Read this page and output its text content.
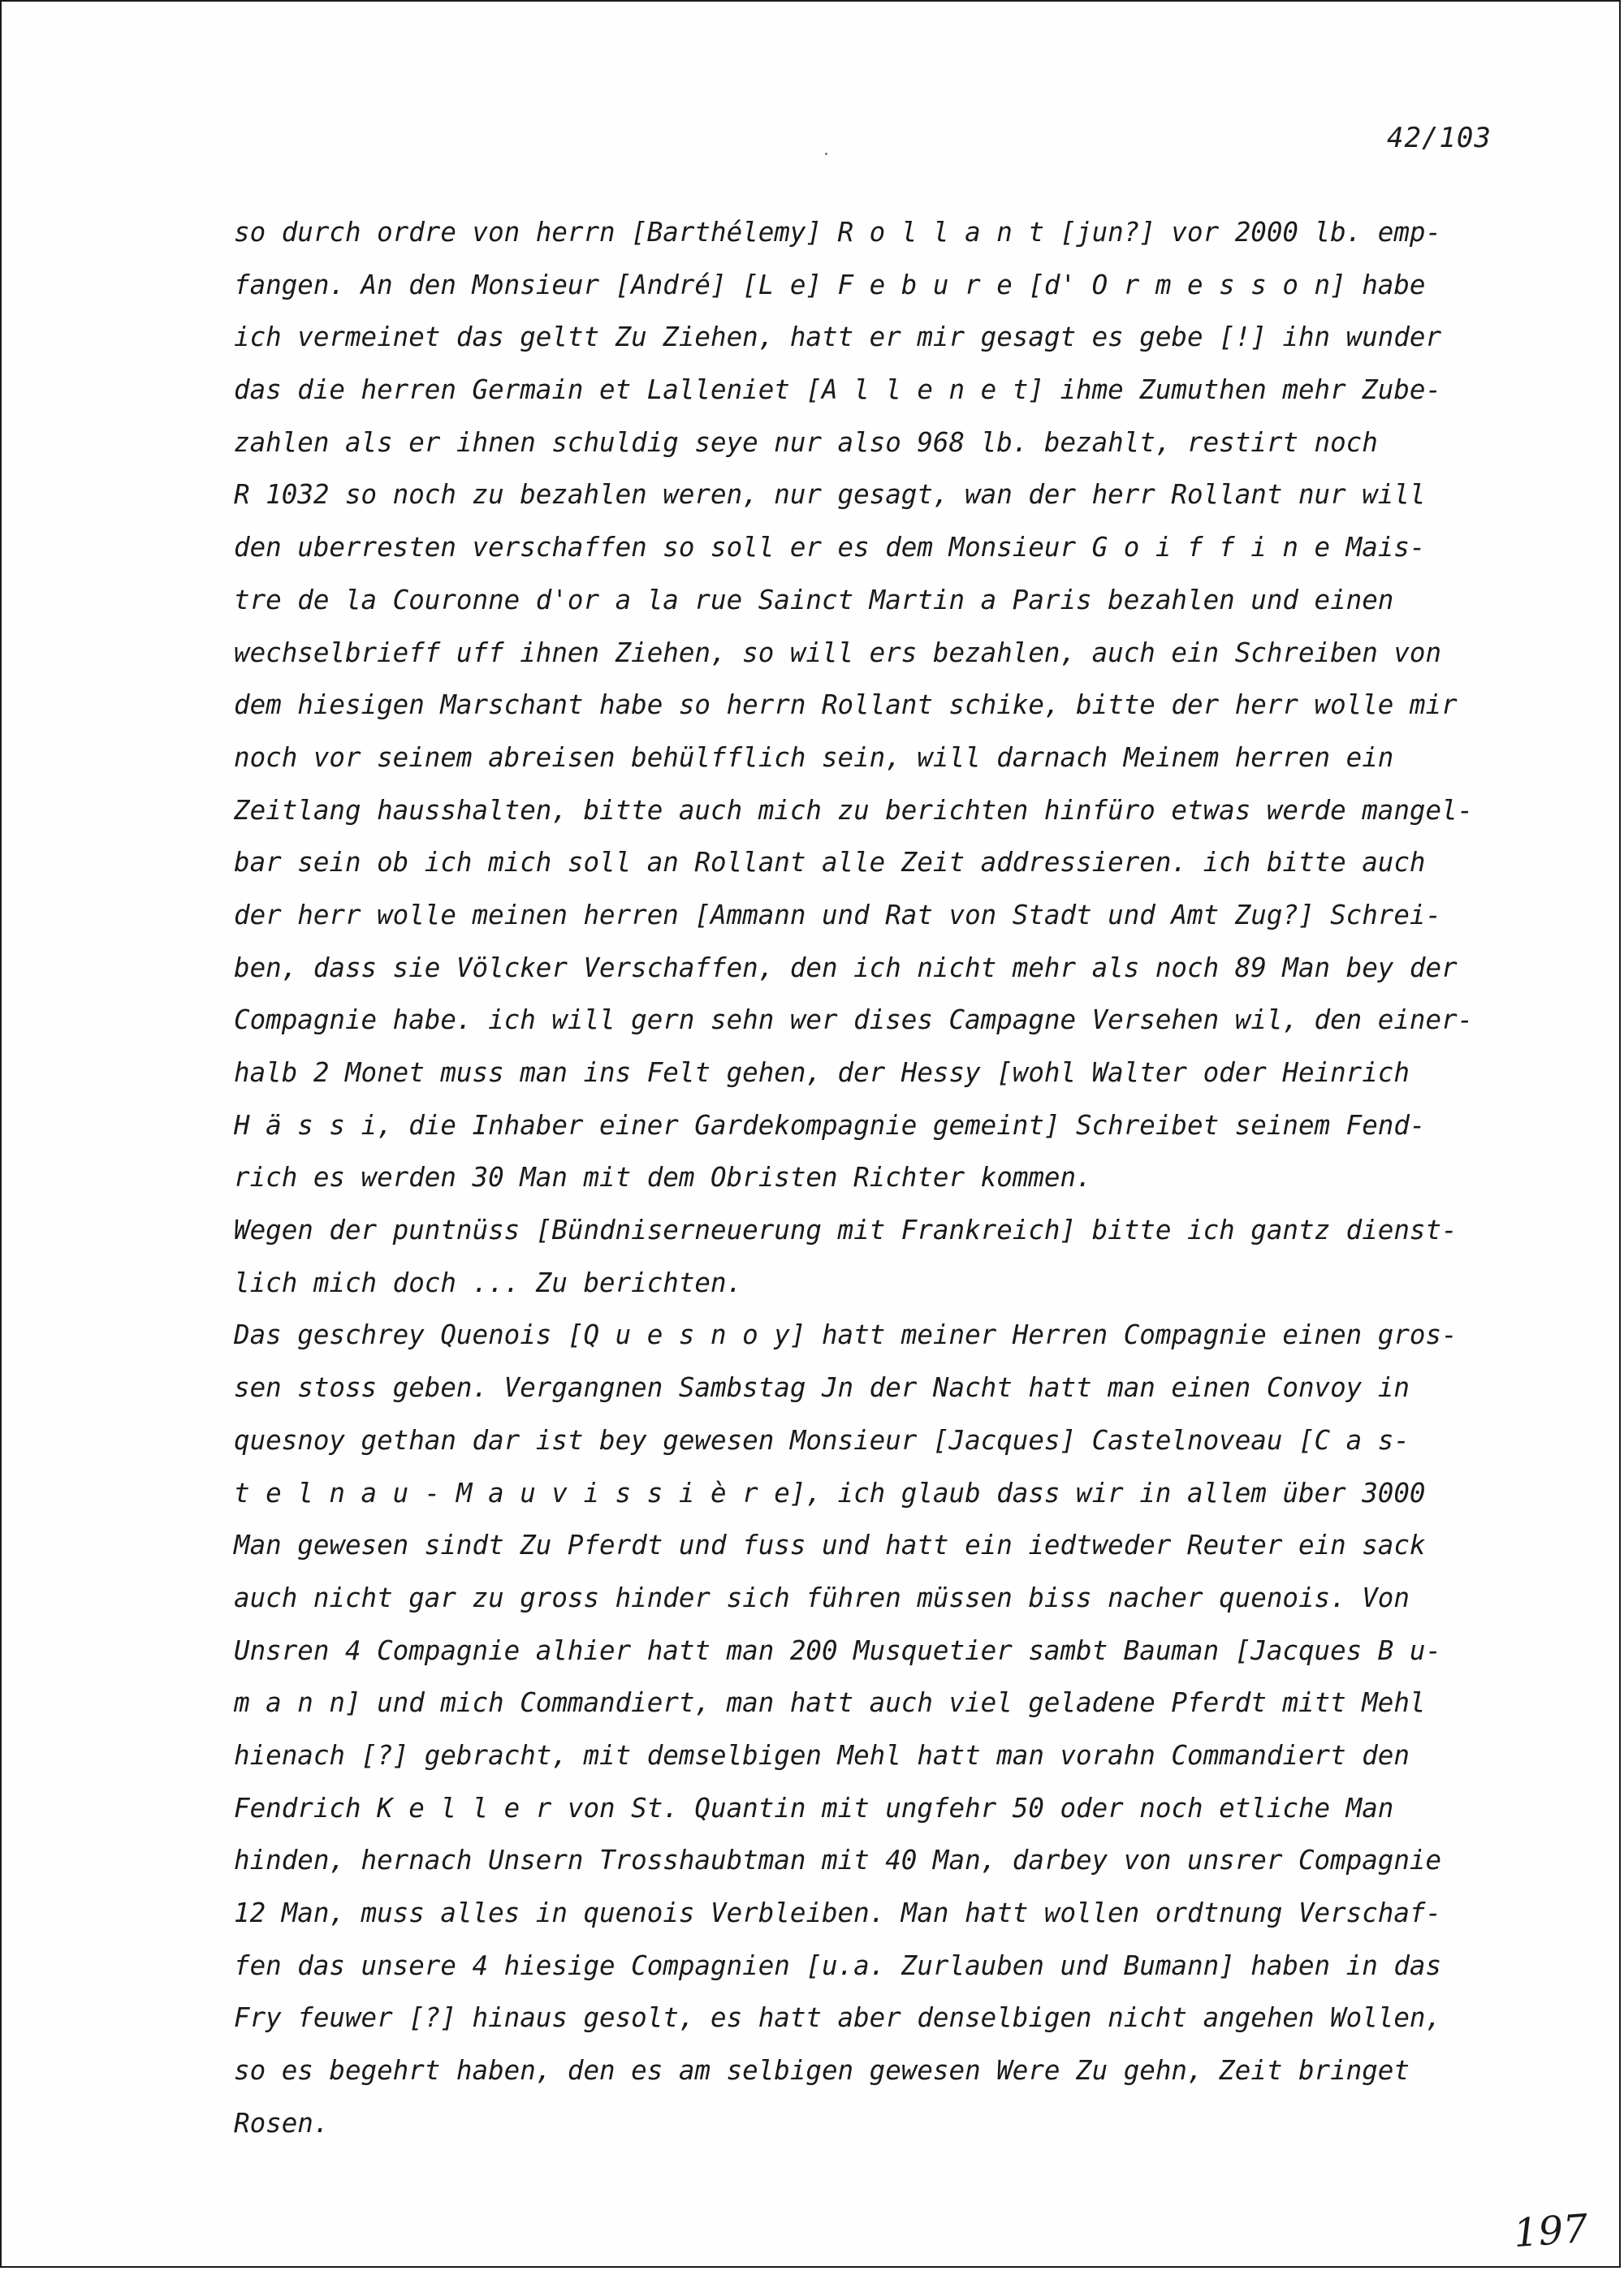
42/103
so durch ordre von herrn [Barthélemy] R o l l a n t [jun?] vor 2000 lb. emp-
fangen. An den Monsieur [André] [L e] F e b u r e [d' O r m e s s o n] habe
ich vermeinet das geltt Zu Ziehen, hatt er mir gesagt es gebe [!] ihn wunder
das die herren Germain et Lalleniet [A l l e n e t] ihme Zumuthen mehr Zube-
zahlen als er ihnen schuldig seye nur also 968 lb. bezahlt, restirt noch
R 1032 so noch zu bezahlen weren, nur gesagt, wan der herr Rollant nur will
den uberresten verschaffen so soll er es dem Monsieur G o i f f i n e Mais-
tre de la Couronne d'or a la rue Sainct Martin a Paris bezahlen und einen
wechselbrieff uff ihnen Ziehen, so will ers bezahlen, auch ein Schreiben von
dem hiesigen Marschant habe so herrn Rollant schike, bitte der herr wolle mir
noch vor seinem abreisen behülfflich sein, will darnach Meinem herren ein
Zeitlang hausshalten, bitte auch mich zu berichten hinfüro etwas werde mangel-
bar sein ob ich mich soll an Rollant alle Zeit addressieren. ich bitte auch
der herr wolle meinen herren [Ammann und Rat von Stadt und Amt Zug?] Schrei-
ben, dass sie Völcker Verschaffen, den ich nicht mehr als noch 89 Man bey der
Compagnie habe. ich will gern sehn wer dises Campagne Versehen wil, den einer-
halb 2 Monet muss man ins Felt gehen, der Hessy [wohl Walter oder Heinrich
H ä s s i, die Inhaber einer Gardekompagnie gemeint] Schreibet seinem Fend-
rich es werden 30 Man mit dem Obristen Richter kommen.
Wegen der puntnüss [Bündniserneuerung mit Frankreich] bitte ich gantz dienst-
lich mich doch ... Zu berichten.
Das geschrey Quenois [Q u e s n o y] hatt meiner Herren Compagnie einen gros-
sen stoss geben. Vergangnen Sambstag Jn der Nacht hatt man einen Convoy in
quesnoy gethan dar ist bey gewesen Monsieur [Jacques] Castelnoveau [C a s-
t e l n a u - M a u v i s s i è r e], ich glaub dass wir in allem über 3000
Man gewesen sindt Zu Pferdt und fuss und hatt ein iedtweder Reuter ein sack
auch nicht gar zu gross hinder sich führen müssen biss nacher quenois. Von
Unsren 4 Compagnie alhier hatt man 200 Musquetier sambt Bauman [Jacques B u-
m a n n] und mich Commandiert, man hatt auch viel geladene Pferdt mitt Mehl
hienach [?] gebracht, mit demselbigen Mehl hatt man vorahn Commandiert den
Fendrich K e l l e r von St. Quantin mit ungfehr 50 oder noch etliche Man
hinden, hernach Unsern Trosshaubtman mit 40 Man, darbey von unsrer Compagnie
12 Man, muss alles in quenois Verbleiben. Man hatt wollen ordtnung Verschaf-
fen das unsere 4 hiesige Compagnien [u.a. Zurlauben und Bumann] haben in das
Fry feuwer [?] hinaus gesolt, es hatt aber denselbigen nicht angehen Wollen,
so es begehrt haben, den es am selbigen gewesen Were Zu gehn, Zeit bringet
Rosen.
197
